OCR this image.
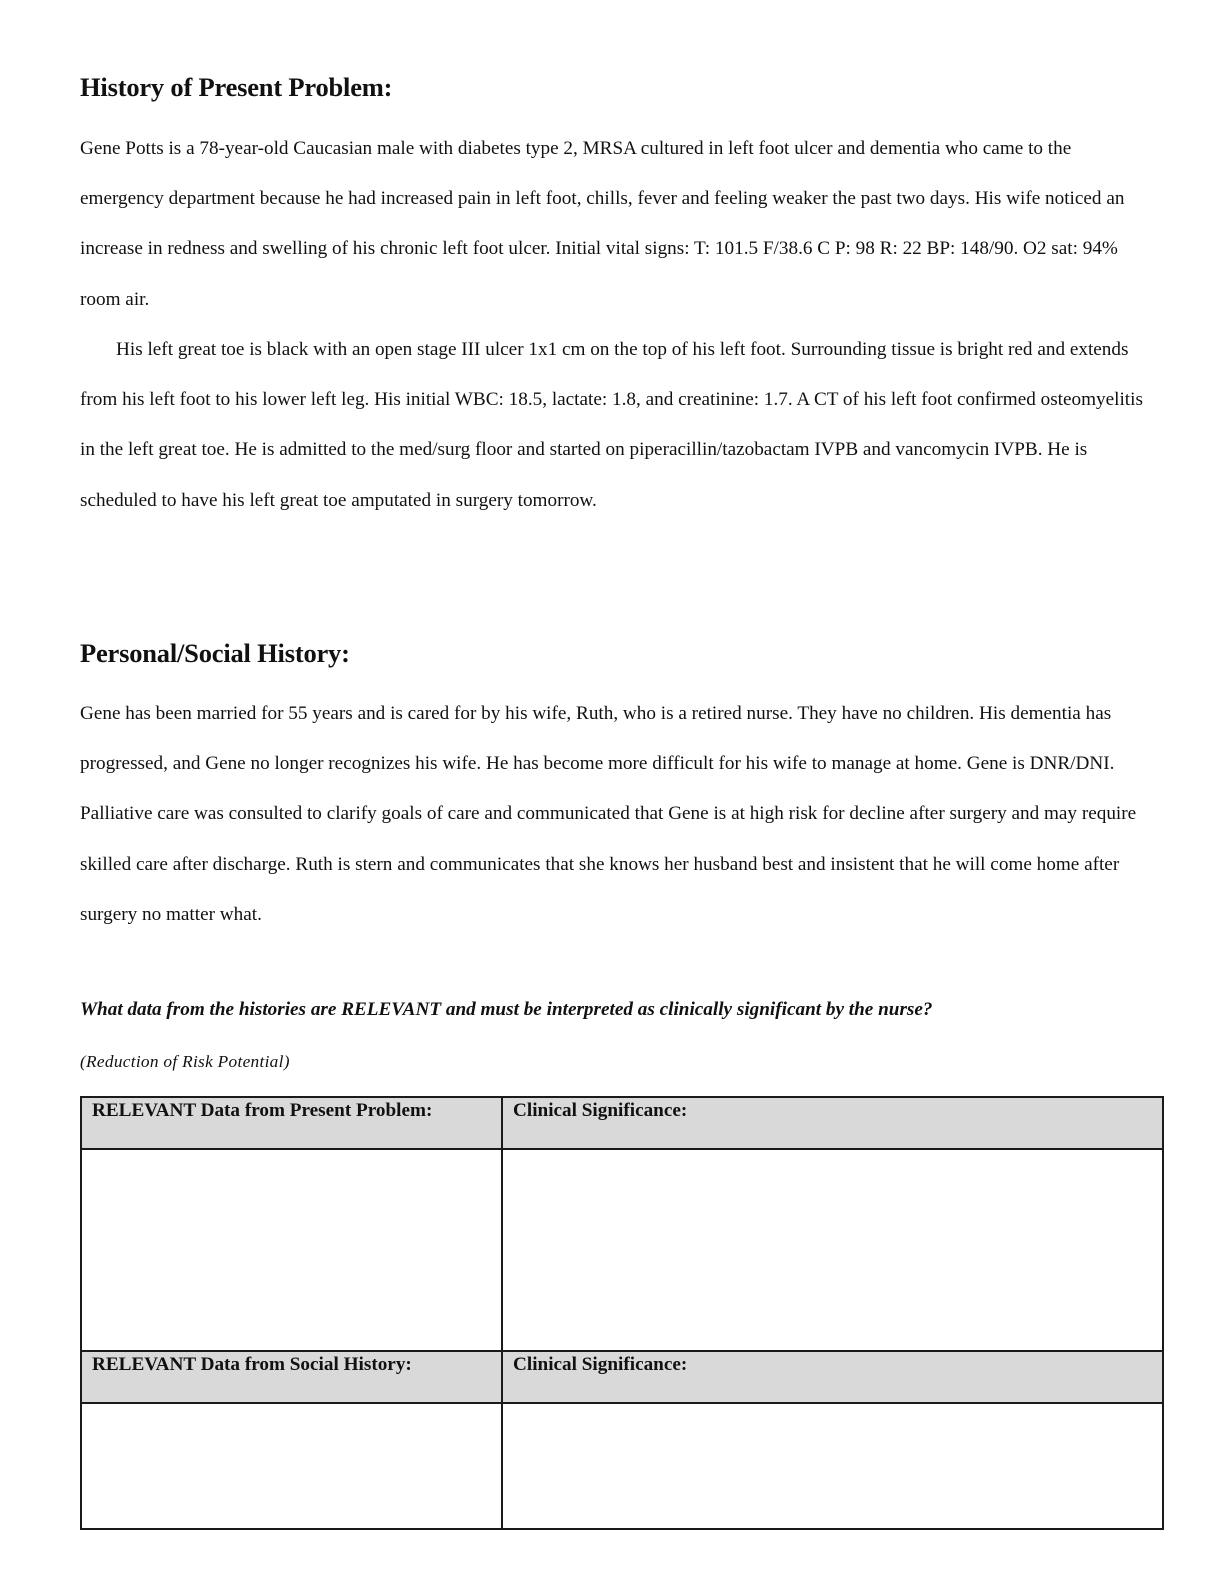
History of Present Problem:

Gene Potts is a 78-year-old Caucasian male with diabetes type 2, MRSA cultured in left foot ulcer and dementia who came to the emergency department because he had increased pain in left foot, chills, fever and feeling weaker the past two days. His wife noticed an increase in redness and swelling of his chronic left foot ulcer. Initial vital signs: T: 101.5 F/38.6 C P: 98 R: 22 BP: 148/90. O2 sat: 94% room air.

His left great toe is black with an open stage III ulcer 1x1 cm on the top of his left foot. Surrounding tissue is bright red and extends from his left foot to his lower left leg. His initial WBC: 18.5, lactate: 1.8, and creatinine: 1.7. A CT of his left foot confirmed osteomyelitis in the left great toe. He is admitted to the med/surg floor and started on piperacillin/tazobactam IVPB and vancomycin IVPB. He is scheduled to have his left great toe amputated in surgery tomorrow.

Personal/Social History:

Gene has been married for 55 years and is cared for by his wife, Ruth, who is a retired nurse. They have no children. His dementia has progressed, and Gene no longer recognizes his wife. He has become more difficult for his wife to manage at home. Gene is DNR/DNI. Palliative care was consulted to clarify goals of care and communicated that Gene is at high risk for decline after surgery and may require skilled care after discharge. Ruth is stern and communicates that she knows her husband best and insistent that he will come home after surgery no matter what.

What data from the histories are RELEVANT and must be interpreted as clinically significant by the nurse?

(Reduction of Risk Potential)

RELEVANT Data from Present Problem:	Clinical Significance:

RELEVANT Data from Social History:	Clinical Significance:
